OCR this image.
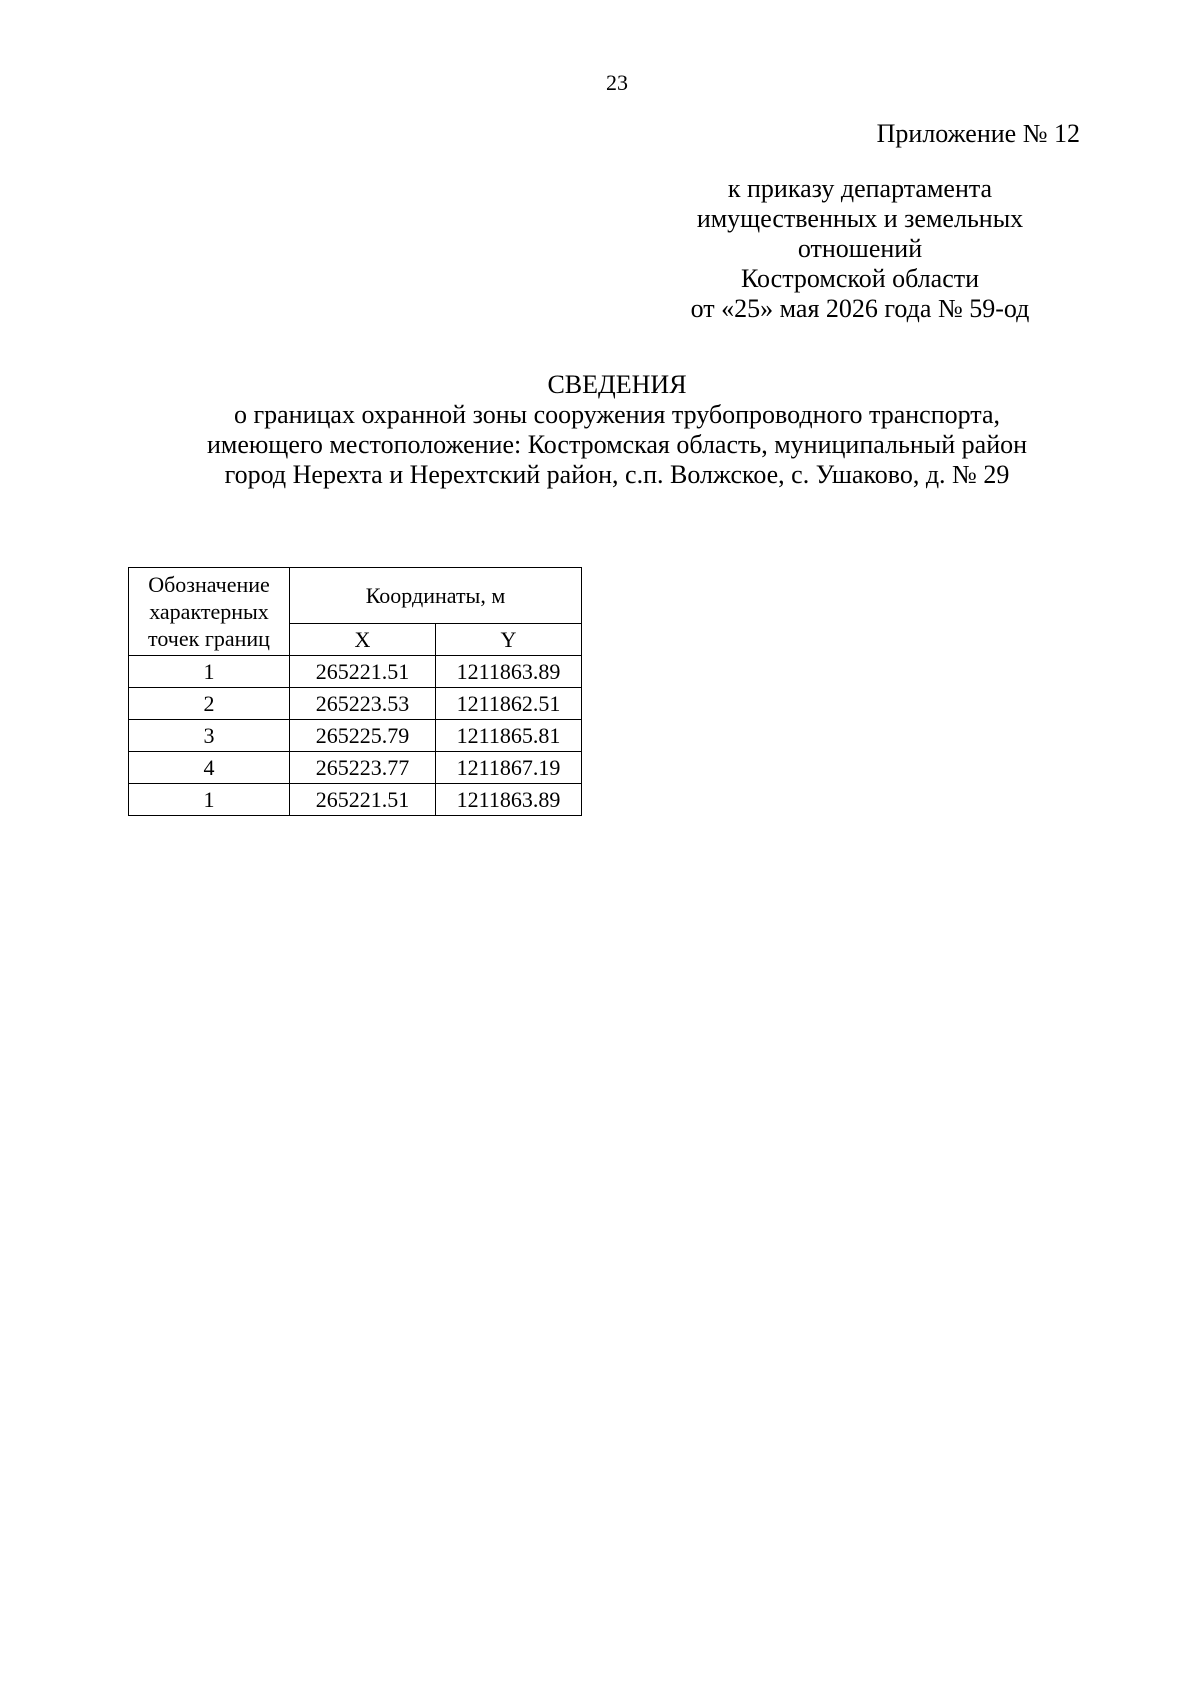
23
Приложение № 12
к приказу департамента
имущественных и земельных
отношений
Костромской области
от «25» мая 2026 года № 59-од
СВЕДЕНИЯ
о границах охранной зоны сооружения трубопроводного транспорта,
имеющего местоположение: Костромская область, муниципальный район
город Нерехта и Нерехтский район, с.п. Волжское, с. Ушаково, д. № 29
Обозначение
характерных
точек границ	Координаты, м	
	X	Y
1	265221.51	1211863.89
2	265223.53	1211862.51
3	265225.79	1211865.81
4	265223.77	1211867.19
1	265221.51	1211863.89
